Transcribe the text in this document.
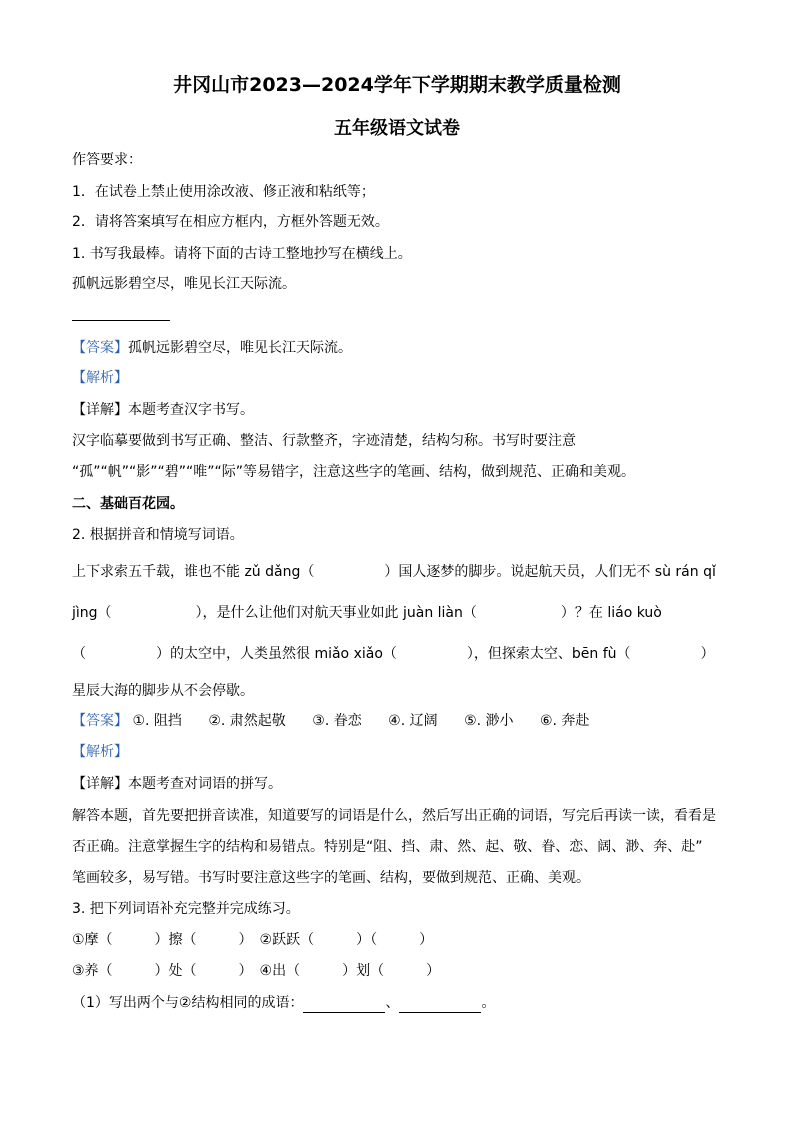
井冈山市2023—2024学年下学期期末教学质量检测
五年级语文试卷
作答要求：
1．在试卷上禁止使用涂改液、修正液和粘纸等；
2．请将答案填写在相应方框内，方框外答题无效。
1. 书写我最棒。请将下面的古诗工整地抄写在横线上。
孤帆远影碧空尽，唯见长江天际流。
【答案】孤帆远影碧空尽，唯见长江天际流。
【解析】
【详解】本题考查汉字书写。
汉字临摹要做到书写正确、整洁、行款整齐，字迹清楚，结构匀称。书写时要注意
“孤”“帆”“影”“碧”“唯”“际”等易错字，注意这些字的笔画、结构，做到规范、正确和美观。
二、基础百花园。
2. 根据拼音和情境写词语。
上下求索五千载，谁也不能 zǔ dǎng（　　　　　）国人逐梦的脚步。说起航天员，人们无不 sù rán qǐ
jìng（　　　　　　），是什么让他们对航天事业如此 juàn liàn（　　　　　　）？在 liáo kuò
（　　　　　）的太空中，人类虽然很 miǎo xiǎo（　　　　　），但探索太空、bēn fù（　　　　　）
星辰大海的脚步从不会停歇。
【答案】 ①. 阻挡 ②. 肃然起敬 ③. 眷恋 ④. 辽阔 ⑤. 渺小 ⑥. 奔赴
【解析】
【详解】本题考查对词语的拼写。
解答本题，首先要把拼音读准，知道要写的词语是什么，然后写出正确的词语，写完后再读一读，看看是
否正确。注意掌握生字的结构和易错点。特别是“阻、挡、肃、然、起、敬、眷、恋、阔、渺、奔、赴”
笔画较多，易写错。书写时要注意这些字的笔画、结构，要做到规范、正确、美观。
3. 把下列词语补充完整并完成练习。
①摩（　　　）擦（　　　）　②跃跃（　　　）（　　　）
③养（　　　）处（　　　）　④出（　　　）划（　　　）
（1）写出两个与②结构相同的成语：	、	。
